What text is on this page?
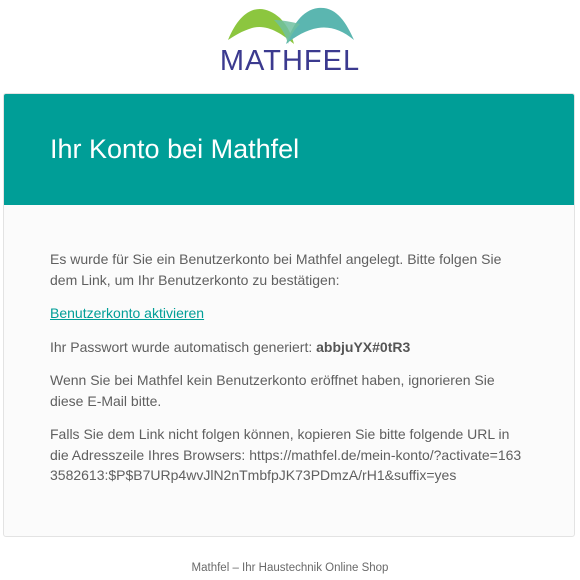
MATHFEL
Ihr Konto bei Mathfel

Es wurde für Sie ein Benutzerkonto bei Mathfel angelegt. Bitte folgen Sie dem Link, um Ihr Benutzerkonto zu bestätigen:

Benutzerkonto aktivieren

Ihr Passwort wurde automatisch generiert: abbjuYX#0tR3

Wenn Sie bei Mathfel kein Benutzerkonto eröffnet haben, ignorieren Sie diese E-Mail bitte.

Falls Sie dem Link nicht folgen können, kopieren Sie bitte folgende URL in die Adresszeile Ihres Browsers: https://mathfel.de/mein-konto/?activate=1633582613:$P$B7URp4wvJlN2nTmbfpJK73PDmzA/rH1&suffix=yes

Mathfel – Ihr Haustechnik Online Shop
